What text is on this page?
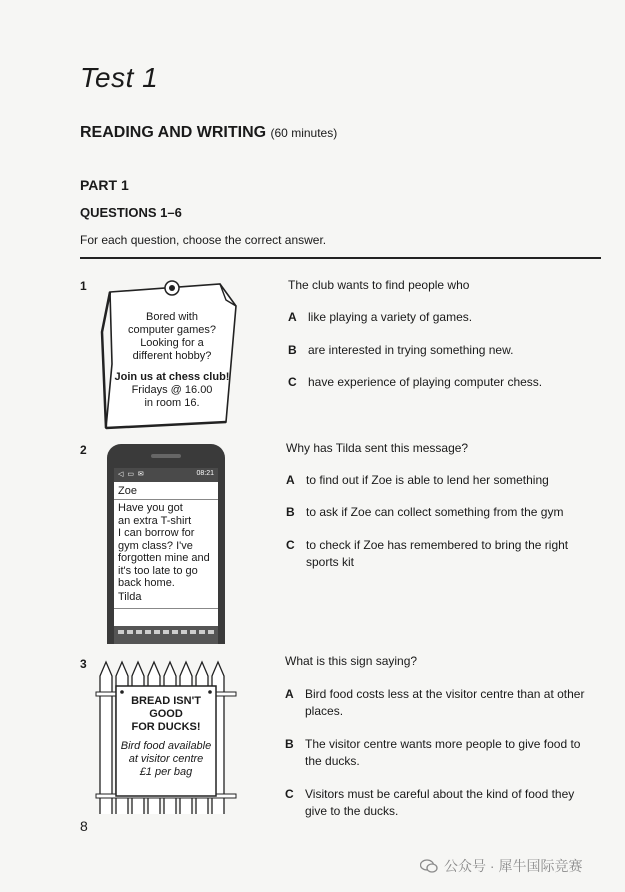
Test 1
READING AND WRITING (60 minutes)
PART 1
QUESTIONS 1–6
For each question, choose the correct answer.
1
Bored with
computer games?
Looking for a
different hobby?
Join us at chess club!
Fridays @ 16.00
in room 16.
The club wants to find people who
A like playing a variety of games.
B are interested in trying something new.
C have experience of playing computer chess.
2
◁ ▭ ✉	08:21
Zoe
Have you got
an extra T-shirt
I can borrow for
gym class? I've
forgotten mine and
it's too late to go
back home.
Tilda
Why has Tilda sent this message?
A to find out if Zoe is able to lend her something
B to ask if Zoe can collect something from the gym
C to check if Zoe has remembered to bring the right sports kit
3
BREAD ISN'T
GOOD
FOR DUCKS!
Bird food available
at visitor centre
£1 per bag
What is this sign saying?
A Bird food costs less at the visitor centre than at other places.
B The visitor centre wants more people to give food to the ducks.
C Visitors must be careful about the kind of food they give to the ducks.
8
公众号 · 犀牛国际竞赛
